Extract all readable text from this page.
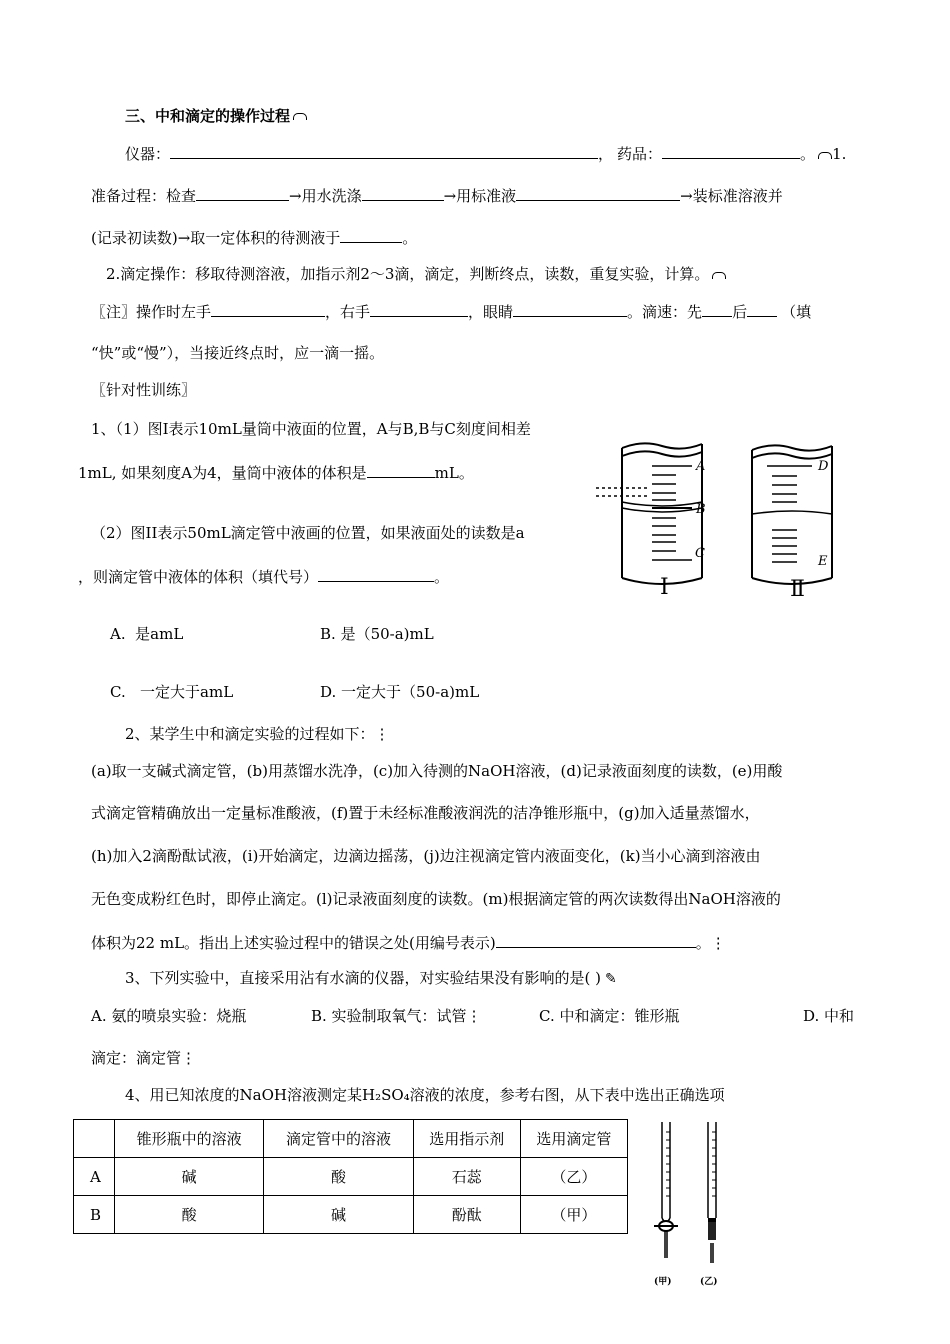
三、中和滴定的操作过程
仪器：	， 药品：	。 1.
准备过程：检查	→用水洗涤	→用标准液	→装标准溶液并
(记录初读数)→取一定体积的待测液于	。
2.滴定操作：移取待测溶液，加指示剂2～3滴，滴定，判断终点，读数，重复实验，计算。
〖注〗操作时左手	，右手	，眼睛	。滴速：先 后 （填
“快”或“慢”），当接近终点时，应一滴一摇。
〖针对性训练〗
1、（1）图Ⅰ表示10mL量筒中液面的位置，A与B,B与C刻度间相差
1mL, 如果刻度A为4，量筒中液体的体积是	mL。
（2）图II表示50mL滴定管中液画的位置，如果液面处的读数是a
，则滴定管中液体的体积（填代号）	。
A. 是amL	B. 是（50-a)mL
C. 一定大于amL	D. 一定大于（50-a)mL
A
B
C
D
E
Ⅰ	Ⅱ
2、某学生中和滴定实验的过程如下：⋮
(a)取一支碱式滴定管，(b)用蒸馏水洗净，(c)加入待测的NaOH溶液，(d)记录液面刻度的读数，(e)用酸
式滴定管精确放出一定量标准酸液，(f)置于未经标准酸液润洗的洁净锥形瓶中，(g)加入适量蒸馏水，
(h)加入2滴酚酞试液，(i)开始滴定，边滴边摇荡，(j)边注视滴定管内液面变化，(k)当小心滴到溶液由
无色变成粉红色时，即停止滴定。(l)记录液面刻度的读数。(m)根据滴定管的两次读数得出NaOH溶液的
体积为22 mL。指出上述实验过程中的错误之处(用编号表示)	。⋮
3、下列实验中，直接采用沾有水滴的仪器，对实验结果没有影响的是( ) ✎
A. 氨的喷泉实验：烧瓶	B. 实验制取氧气：试管⋮	C. 中和滴定：锥形瓶	D. 中和
滴定：滴定管⋮
4、用已知浓度的NaOH溶液测定某H₂SO₄溶液的浓度，参考右图，从下表中选出正确选项
	锥形瓶中的溶液	滴定管中的溶液	选用指示剂	选用滴定管
A	碱	酸	石蕊	（乙）
B	酸	碱	酚酞	（甲）
(甲)	(乙)
